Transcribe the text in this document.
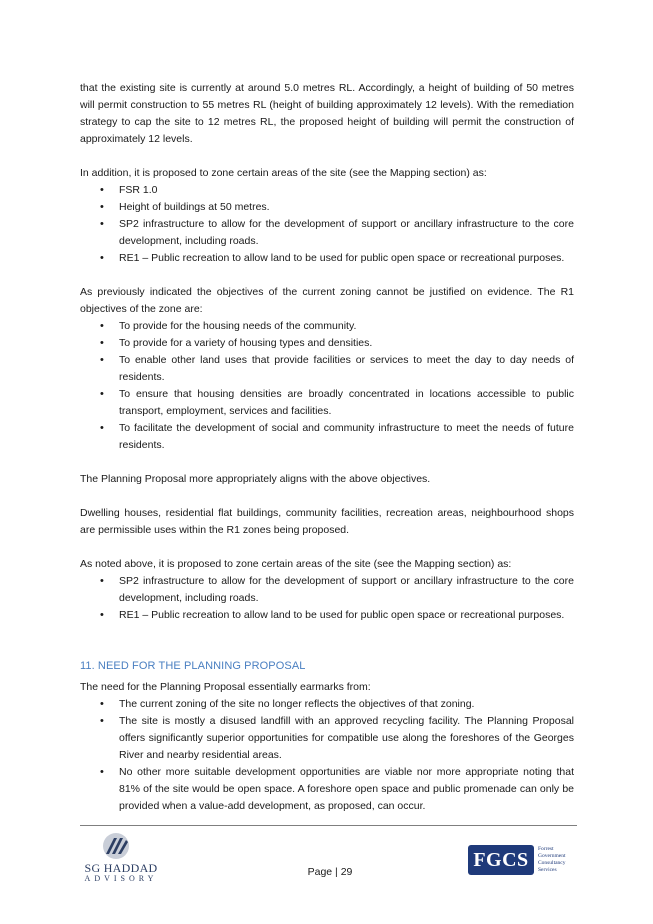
that the existing site is currently at around 5.0 metres RL. Accordingly, a height of building of 50 metres will permit construction to 55 metres RL (height of building approximately 12 levels). With the remediation strategy to cap the site to 12 metres RL, the proposed height of building will permit the construction of approximately 12 levels.

In addition, it is proposed to zone certain areas of the site (see the Mapping section) as:

• FSR 1.0
• Height of buildings at 50 metres.
• SP2 infrastructure to allow for the development of support or ancillary infrastructure to the core development, including roads.
• RE1 – Public recreation to allow land to be used for public open space or recreational purposes.

As previously indicated the objectives of the current zoning cannot be justified on evidence. The R1 objectives of the zone are:

• To provide for the housing needs of the community.
• To provide for a variety of housing types and densities.
• To enable other land uses that provide facilities or services to meet the day to day needs of residents.
• To ensure that housing densities are broadly concentrated in locations accessible to public transport, employment, services and facilities.
• To facilitate the development of social and community infrastructure to meet the needs of future residents.

The Planning Proposal more appropriately aligns with the above objectives.

Dwelling houses, residential flat buildings, community facilities, recreation areas, neighbourhood shops are permissible uses within the R1 zones being proposed.

As noted above, it is proposed to zone certain areas of the site (see the Mapping section) as:

• SP2 infrastructure to allow for the development of support or ancillary infrastructure to the core development, including roads.
• RE1 – Public recreation to allow land to be used for public open space or recreational purposes.
11. NEED FOR THE PLANNING PROPOSAL

The need for the Planning Proposal essentially earmarks from:

• The current zoning of the site no longer reflects the objectives of that zoning.
• The site is mostly a disused landfill with an approved recycling facility. The Planning Proposal offers significantly superior opportunities for compatible use along the foreshores of the Georges River and nearby residential areas.
• No other more suitable development opportunities are viable nor more appropriate noting that 81% of the site would be open space. A foreshore open space and public promenade can only be provided when a value-add development, as proposed, can occur.
SG HADDAD
ADVISORY
Page | 29
FGCS	Forrest
Government
Consultancy
Services
